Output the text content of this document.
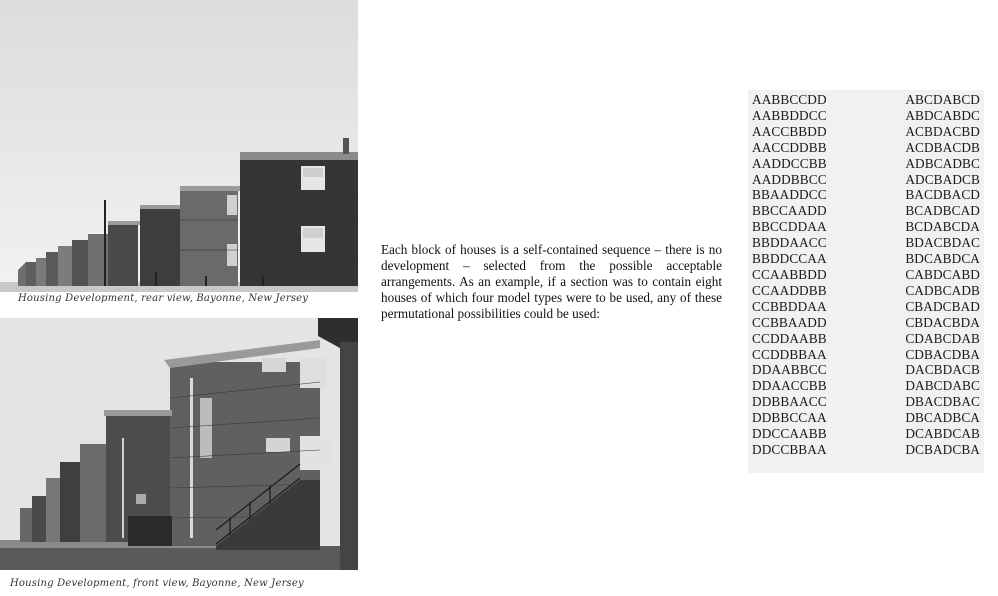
Housing Development, rear view, Bayonne, New Jersey
Housing Development, front view, Bayonne, New Jersey

Each block of houses is a self-contained sequence – there is no development – selected from the possible acceptable arrangements. As an example, if a section was to contain eight houses of which four model types were to be used, any of these permutational possibilities could be used:

AABBCCDD
AABBDDCC
AACCBBDD
AACCDDBB
AADDCCBB
AADDBBCC
BBAADDCC
BBCCAADD
BBCCDDAA
BBDDAACC
BBDDCCAA
CCAABBDD
CCAADDBB
CCBBDDAA
CCBBAADD
CCDDAABB
CCDDBBAA
DDAABBCC
DDAACCBB
DDBBAACC
DDBBCCAA
DDCCAABB
DDCCBBAA
ABCDABCD
ABDCABDC
ACBDACBD
ACDBACDB
ADBCADBC
ADCBADCB
BACDBACD
BCADBCAD
BCDABCDA
BDACBDAC
BDCABDCA
CABDCABD
CADBCADB
CBADCBAD
CBDACBDA
CDABCDAB
CDBACDBA
DACBDACB
DABCDABC
DBACDBAC
DBCADBCA
DCABDCAB
DCBADCBA
